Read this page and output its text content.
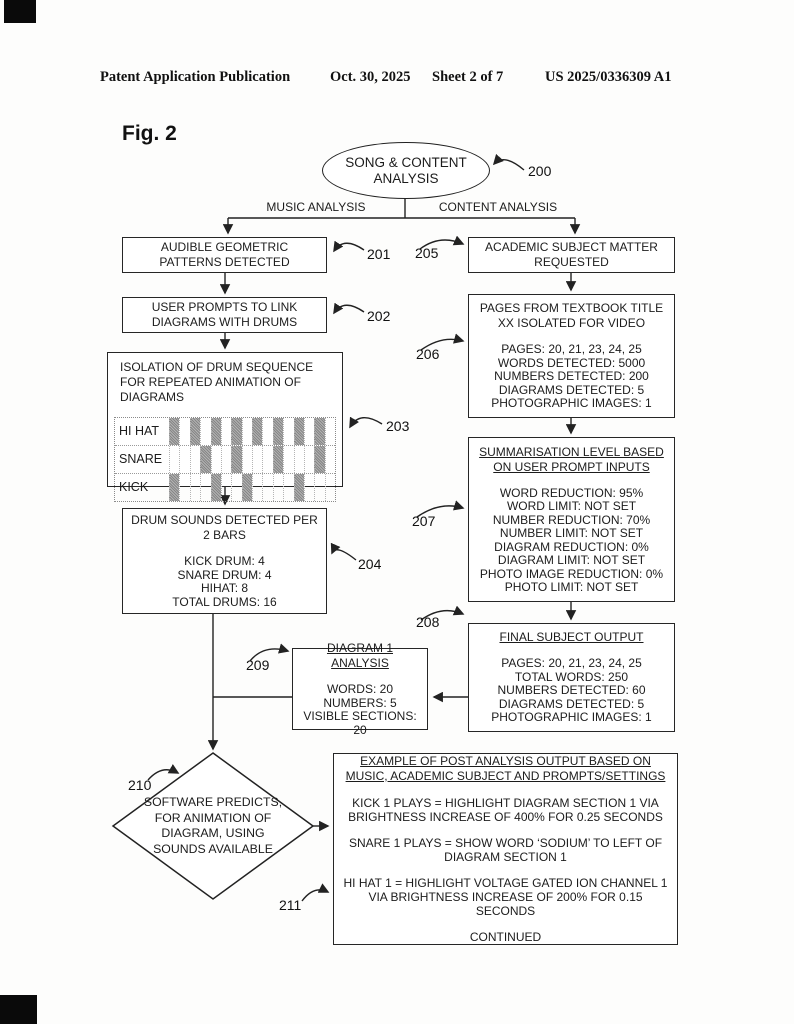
Patent Application Publication	Oct. 30, 2025 Sheet 2 of 7	US 2025/0336309 A1
Fig. 2
SONG & CONTENT
ANALYSIS
MUSIC ANALYSIS	CONTENT ANALYSIS
200
201
202
203
204
205
206
207
208
209
210
211
AUDIBLE GEOMETRIC PATTERNS DETECTED
USER PROMPTS TO LINK DIAGRAMS WITH DRUMS
ISOLATION OF DRUM SEQUENCE FOR REPEATED ANIMATION OF DIAGRAMS
HI HAT
SNARE
KICK
DRUM SOUNDS DETECTED PER 2 BARS
KICK DRUM: 4
SNARE DRUM: 4
HIHAT: 8
TOTAL DRUMS: 16
ACADEMIC SUBJECT MATTER REQUESTED
PAGES FROM TEXTBOOK TITLE XX ISOLATED FOR VIDEO
PAGES: 20, 21, 23, 24, 25
WORDS DETECTED: 5000
NUMBERS DETECTED: 200
DIAGRAMS DETECTED: 5
PHOTOGRAPHIC IMAGES: 1
SUMMARISATION LEVEL BASED ON USER PROMPT INPUTS
WORD REDUCTION: 95%
WORD LIMIT: NOT SET
NUMBER REDUCTION: 70%
NUMBER LIMIT: NOT SET
DIAGRAM REDUCTION: 0%
DIAGRAM LIMIT: NOT SET
PHOTO IMAGE REDUCTION: 0%
PHOTO LIMIT: NOT SET
FINAL SUBJECT OUTPUT
PAGES: 20, 21, 23, 24, 25
TOTAL WORDS: 250
NUMBERS DETECTED: 60
DIAGRAMS DETECTED: 5
PHOTOGRAPHIC IMAGES: 1
DIAGRAM 1 ANALYSIS
WORDS: 20
NUMBERS: 5
VISIBLE SECTIONS: 20
SOFTWARE PREDICTS,
FOR ANIMATION OF
DIAGRAM, USING
SOUNDS AVAILABLE
EXAMPLE OF POST ANALYSIS OUTPUT BASED ON MUSIC, ACADEMIC SUBJECT AND PROMPTS/SETTINGS
KICK 1 PLAYS = HIGHLIGHT DIAGRAM SECTION 1 VIA BRIGHTNESS INCREASE OF 400% FOR 0.25 SECONDS
SNARE 1 PLAYS = SHOW WORD ‘SODIUM’ TO LEFT OF DIAGRAM SECTION 1
HI HAT 1 = HIGHLIGHT VOLTAGE GATED ION CHANNEL 1 VIA BRIGHTNESS INCREASE OF 200% FOR 0.15 SECONDS
CONTINUED
